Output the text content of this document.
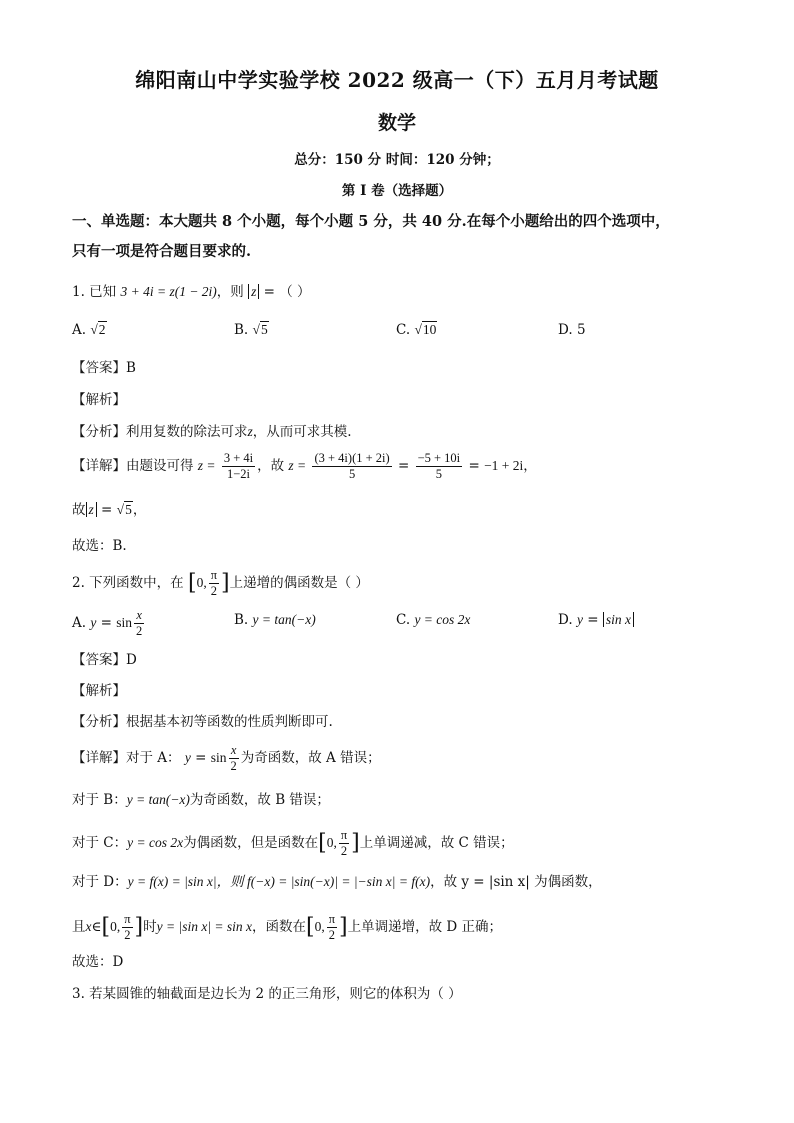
绵阳南山中学实验学校 2022 级高一（下）五月月考试题
数学
总分：150 分 时间：120 分钟；
第 I 卷（选择题）
一、单选题：本大题共 8 个小题，每个小题 5 分，共 40 分.在每个小题给出的四个选项中，
只有一项是符合题目要求的.
1. 已知 3 + 4i = z(1 − 2i)，则 z = （ ）
A. √2	B. √5	C. √10	D. 5
【答案】B
【解析】
【分析】利用复数的除法可求z，从而可求其模.
【详解】由题设可得 $z = \frac{3 + 4i}{1-2i}$ ，故 $z = \frac{(3 + 4i)(1 + 2i)}{5} = \frac{-5 + 10i}{5} = -1 + 2i$，
故 z = √5，
故选：B.
2. 下列函数中，在 [0, $\frac{\pi}{2}$ ]上递增的偶函数是（ ）
A. $y = \sin \frac{x}{2}$	B. y = tan(−x)	C. y = cos 2x	D. y = sin x
【答案】D
【解析】
【分析】根据基本初等函数的性质判断即可.
【详解】对于 A： $y = \sin \frac{x}{2}$ 为奇函数，故 A 错误；
对于 B：y = tan(−x)为奇函数，故 B 错误；
对于 C：y = cos 2x为偶函数，但是函数在[0, $\frac{\pi}{2}$ ]上单调递减，故 C 错误；
对于 D：y = f(x) = |sin x|，则 f(−x) = |sin(−x)| = |−sin x| = f(x)，故 y = |sin x| 为偶函数，
且x∈[0, $\frac{\pi}{2}$ ]时y = |sin x| = sin x，函数在[0, $\frac{\pi}{2}$ ]上单调递增，故 D 正确；
故选：D
3. 若某圆锥的轴截面是边长为 2 的正三角形，则它的体积为（ ）
